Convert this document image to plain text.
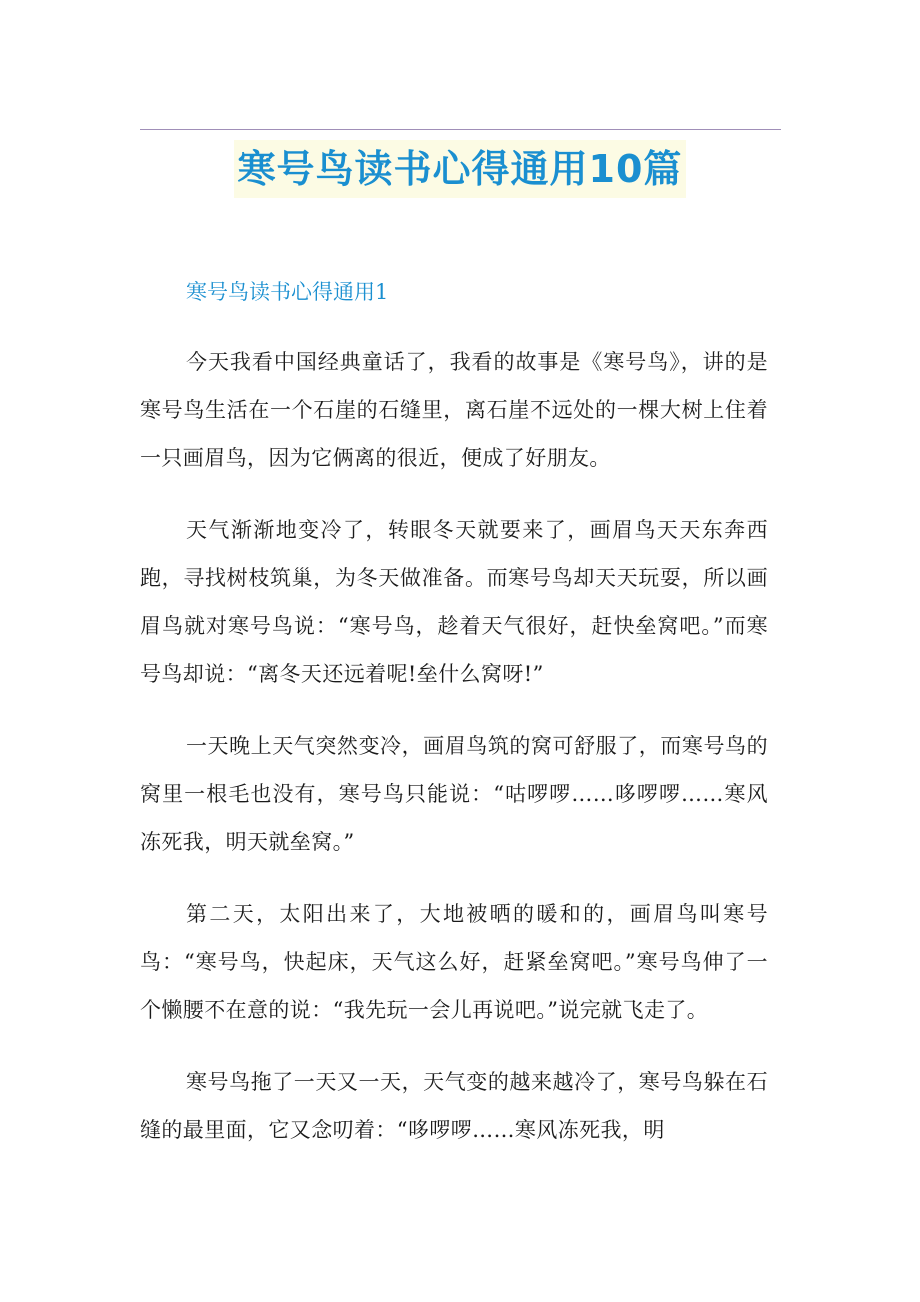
寒号鸟读书心得通用10篇
寒号鸟读书心得通用1

今天我看中国经典童话了，我看的故事是《寒号鸟》，讲的是寒号鸟生活在一个石崖的石缝里，离石崖不远处的一棵大树上住着一只画眉鸟，因为它俩离的很近，便成了好朋友。

天气渐渐地变冷了，转眼冬天就要来了，画眉鸟天天东奔西跑，寻找树枝筑巢，为冬天做准备。而寒号鸟却天天玩耍，所以画眉鸟就对寒号鸟说：“寒号鸟，趁着天气很好，赶快垒窝吧。”而寒号鸟却说：“离冬天还远着呢!垒什么窝呀!”

一天晚上天气突然变冷，画眉鸟筑的窝可舒服了，而寒号鸟的窝里一根毛也没有，寒号鸟只能说：“咕啰啰……哆啰啰……寒风冻死我，明天就垒窝。”

第二天，太阳出来了，大地被晒的暖和的，画眉鸟叫寒号鸟：“寒号鸟，快起床，天气这么好，赶紧垒窝吧。”寒号鸟伸了一个懒腰不在意的说：“我先玩一会儿再说吧。”说完就飞走了。

寒号鸟拖了一天又一天，天气变的越来越冷了，寒号鸟躲在石缝的最里面，它又念叨着：“哆啰啰……寒风冻死我，明
